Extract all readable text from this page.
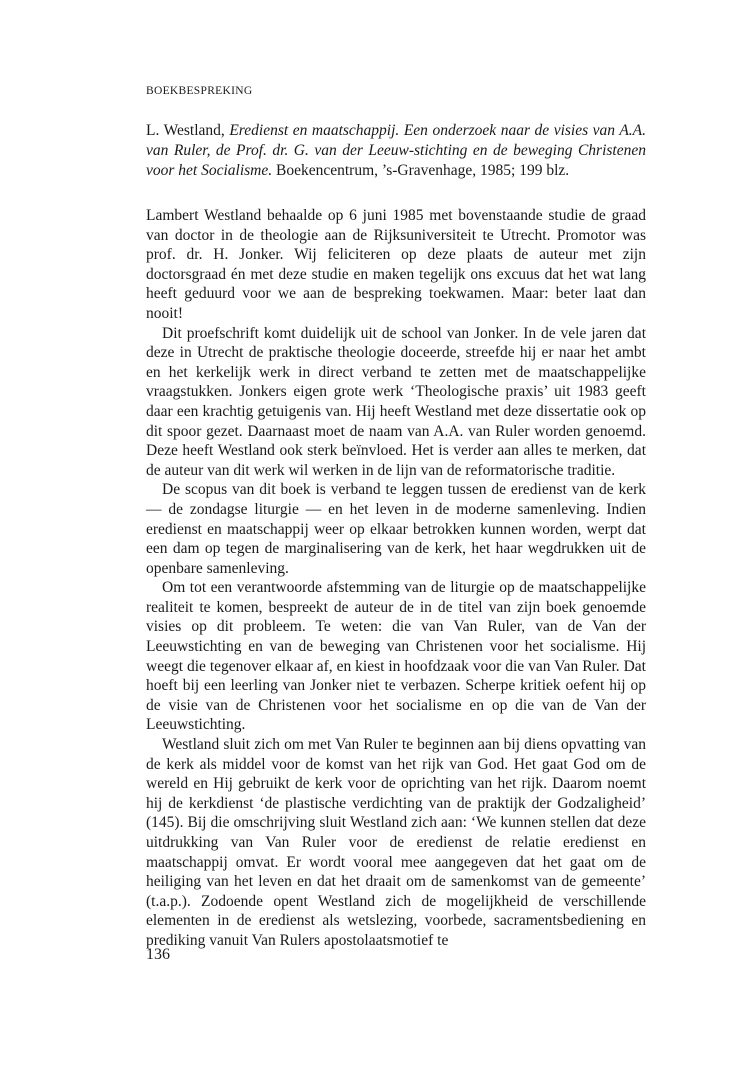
BOEKBESPREKING
L. Westland, Eredienst en maatschappij. Een onderzoek naar de visies van A.A. van Ruler, de Prof. dr. G. van der Leeuw-stichting en de beweging Christenen voor het Socialisme. Boekencentrum, ’s-Gravenhage, 1985; 199 blz.

Lambert Westland behaalde op 6 juni 1985 met bovenstaande studie de graad van doctor in de theologie aan de Rijksuniversiteit te Utrecht. Promotor was prof. dr. H. Jonker. Wij feliciteren op deze plaats de auteur met zijn doctorsgraad én met deze studie en maken tegelijk ons excuus dat het wat lang heeft geduurd voor we aan de bespreking toekwamen. Maar: beter laat dan nooit!

Dit proefschrift komt duidelijk uit de school van Jonker. In de vele jaren dat deze in Utrecht de praktische theologie doceerde, streefde hij er naar het ambt en het kerkelijk werk in direct verband te zetten met de maatschappelijke vraagstukken. Jonkers eigen grote werk ‘Theologische praxis’ uit 1983 geeft daar een krachtig getuigenis van. Hij heeft Westland met deze dissertatie ook op dit spoor gezet. Daarnaast moet de naam van A.A. van Ruler worden genoemd. Deze heeft Westland ook sterk beïnvloed. Het is verder aan alles te merken, dat de auteur van dit werk wil werken in de lijn van de reformatorische traditie.

De scopus van dit boek is verband te leggen tussen de eredienst van de kerk — de zondagse liturgie — en het leven in de moderne samenleving. Indien eredienst en maatschappij weer op elkaar betrokken kunnen worden, werpt dat een dam op tegen de marginalisering van de kerk, het haar wegdrukken uit de openbare samenleving.

Om tot een verantwoorde afstemming van de liturgie op de maatschappelijke realiteit te komen, bespreekt de auteur de in de titel van zijn boek genoemde visies op dit probleem. Te weten: die van Van Ruler, van de Van der Leeuwstichting en van de beweging van Christenen voor het socialisme. Hij weegt die tegenover elkaar af, en kiest in hoofdzaak voor die van Van Ruler. Dat hoeft bij een leerling van Jonker niet te verbazen. Scherpe kritiek oefent hij op de visie van de Christenen voor het socialisme en op die van de Van der Leeuwstichting.

Westland sluit zich om met Van Ruler te beginnen aan bij diens opvatting van de kerk als middel voor de komst van het rijk van God. Het gaat God om de wereld en Hij gebruikt de kerk voor de oprichting van het rijk. Daarom noemt hij de kerkdienst ‘de plastische verdichting van de praktijk der Godzaligheid’ (145). Bij die omschrijving sluit Westland zich aan: ‘We kunnen stellen dat deze uitdrukking van Van Ruler voor de eredienst de relatie eredienst en maatschappij omvat. Er wordt vooral mee aangegeven dat het gaat om de heiliging van het leven en dat het draait om de samenkomst van de gemeente’ (t.a.p.). Zodoende opent Westland zich de mogelijkheid de verschillende elementen in de eredienst als wetslezing, voorbede, sacramentsbediening en prediking vanuit Van Rulers apostolaatsmotief te

136
